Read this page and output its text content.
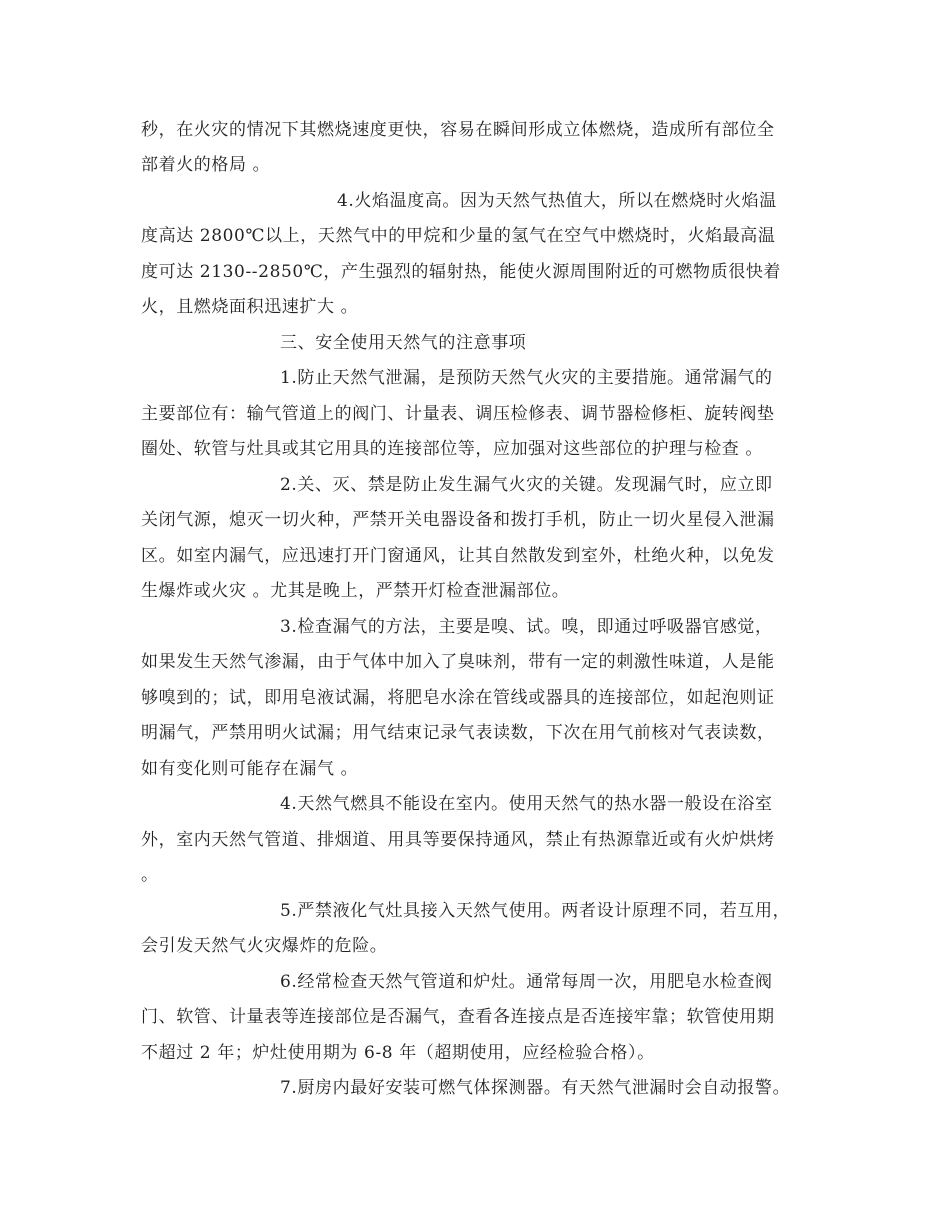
秒，在火灾的情况下其燃烧速度更快，容易在瞬间形成立体燃烧，造成所有部位全
部着火的格局 。
4.火焰温度高。因为天然气热值大，所以在燃烧时火焰温
度高达 2800℃以上，天然气中的甲烷和少量的氢气在空气中燃烧时，火焰最高温
度可达 2130--2850℃，产生强烈的辐射热，能使火源周围附近的可燃物质很快着
火，且燃烧面积迅速扩大 。
三、安全使用天然气的注意事项
1.防止天然气泄漏，是预防天然气火灾的主要措施。通常漏气的
主要部位有：输气管道上的阀门、计量表、调压检修表、调节器检修柜、旋转阀垫
圈处、软管与灶具或其它用具的连接部位等，应加强对这些部位的护理与检查 。
2.关、灭、禁是防止发生漏气火灾的关键。发现漏气时，应立即
关闭气源，熄灭一切火种，严禁开关电器设备和拨打手机，防止一切火星侵入泄漏
区。如室内漏气，应迅速打开门窗通风，让其自然散发到室外，杜绝火种，以免发
生爆炸或火灾 。尤其是晚上，严禁开灯检查泄漏部位。
3.检查漏气的方法，主要是嗅、试。嗅，即通过呼吸器官感觉，
如果发生天然气渗漏，由于气体中加入了臭味剂，带有一定的刺激性味道，人是能
够嗅到的；试，即用皂液试漏，将肥皂水涂在管线或器具的连接部位，如起泡则证
明漏气，严禁用明火试漏；用气结束记录气表读数，下次在用气前核对气表读数，
如有变化则可能存在漏气 。
4.天然气燃具不能设在室内。使用天然气的热水器一般设在浴室
外，室内天然气管道、排烟道、用具等要保持通风，禁止有热源靠近或有火炉烘烤
。
5.严禁液化气灶具接入天然气使用。两者设计原理不同，若互用，
会引发天然气火灾爆炸的危险。
6.经常检查天然气管道和炉灶。通常每周一次，用肥皂水检查阀
门、软管、计量表等连接部位是否漏气，查看各连接点是否连接牢靠；软管使用期
不超过 2 年；炉灶使用期为 6-8 年（超期使用，应经检验合格）。
7.厨房内最好安装可燃气体探测器。有天然气泄漏时会自动报警。
